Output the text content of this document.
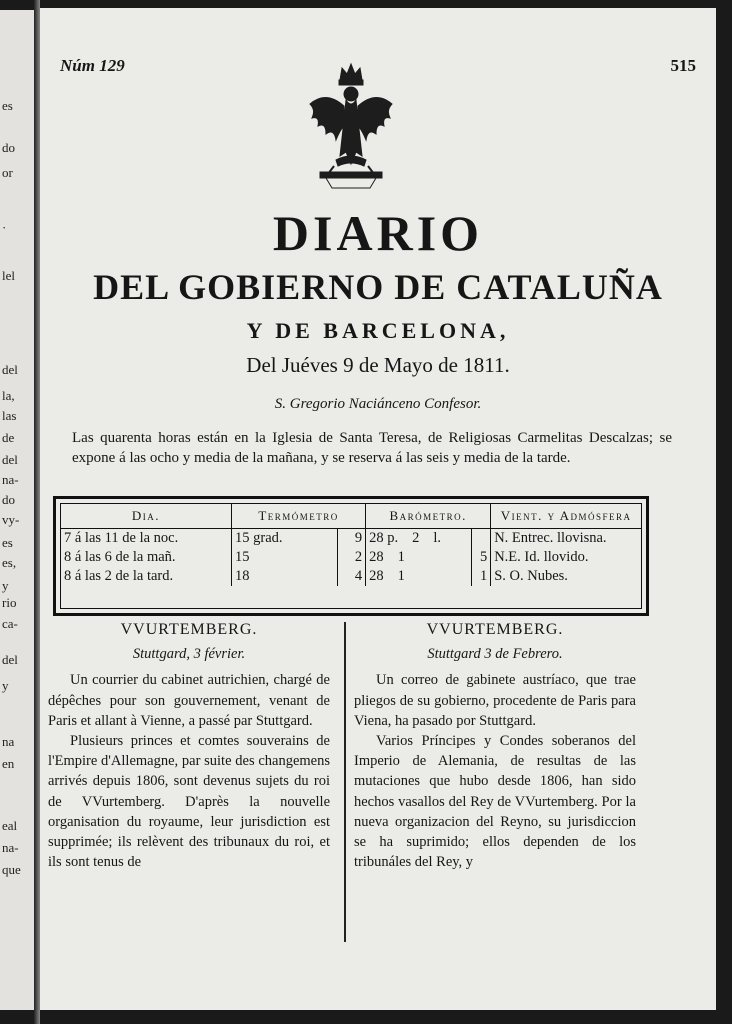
es
do
or
·
lel
del
la,
las
de
del
na-
do
vy-
es
es,
y
rio
ca-
del
y
na
en
eal
na-
que
Núm 129	515
DIARIO
DEL GOBIERNO DE CATALUÑA
Y DE BARCELONA,
Del Juéves 9 de Mayo de 1811.
S. Gregorio Naciánceno Confesor.
Las quarenta horas están en la Iglesia de Santa Teresa, de Religiosas Carmelitas Descalzas; se expone á las ocho y media de la mañana, y se reserva á las seis y media de la tarde.
Dia.	Termómetro		Barómetro.		Vient. y Admósfera
7 á las 11 de la noc.	15 grad.	9	28 p. 2 l.		N. Entrec. llovisna.
8 á las 6 de la mañ.	15	2	28 1	5	N.E. Id. llovido.
8 á las 2 de la tard.	18	4	28 1	1	S. O. Nubes.
VVURTEMBERG.
Stuttgard, 3 février.

Un courrier du cabinet autrichien, chargé de dépêches pour son gouvernement, venant de Paris et allant à Vienne, a passé par Stuttgard.

Plusieurs princes et comtes souverains de l'Empire d'Allemagne, par suite des changemens arrivés depuis 1806, sont devenus sujets du roi de VVurtemberg. D'après la nouvelle organisation du royaume, leur jurisdiction est supprimée; ils relèvent des tribunaux du roi, et ils sont tenus de

VVURTEMBERG.
Stuttgard 3 de Febrero.

Un correo de gabinete austríaco, que trae pliegos de su gobierno, procedente de Paris para Viena, ha pasado por Stuttgard.

Varios Príncipes y Condes soberanos del Imperio de Alemania, de resultas de las mutaciones que hubo desde 1806, han sido hechos vasallos del Rey de VVurtemberg. Por la nueva organizacion del Reyno, su jurisdiccion se ha suprimido; ellos dependen de los tribunáles del Rey, y
